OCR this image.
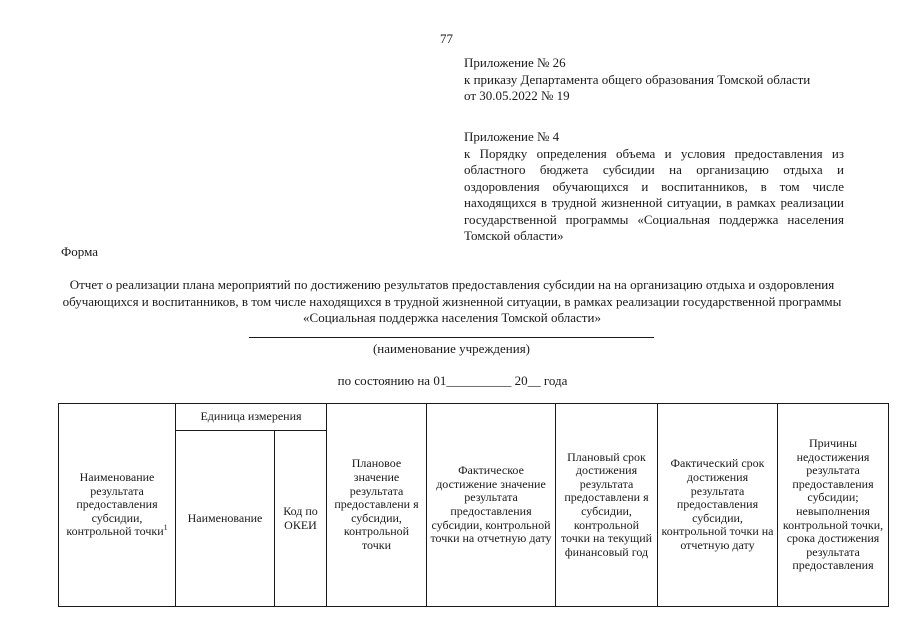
77

Приложение № 26

к приказу Департамента общего образования Томской области

от 30.05.2022 № 19

Приложение № 4

к Порядку определения объема и условия предоставления из областного бюджета субсидии на организацию отдыха и оздоровления обучающихся и воспитанников, в том числе находящихся в трудной жизненной ситуации, в рамках реализации государственной программы «Социальная поддержка населения Томской области»

Форма
Отчет о реализации плана мероприятий по достижению результатов предоставления субсидии на на организацию отдыха и оздоровления обучающихся и воспитанников, в том числе находящихся в трудной жизненной ситуации, в рамках реализации государственной программы «Социальная поддержка населения Томской области»
(наименование учреждения)
по состоянию на 01__________ 20__ года
Наименование результата предоставления субсидии, контрольной точки$^1$	Единица измерения		Плановое значение результата предоставлени я субсидии, контрольной точки	Фактическое достижение значение результата предоставления субсидии, контрольной точки на отчетную дату	Плановый срок достижения результата предоставлени я субсидии, контрольной точки на текущий финансовый год	Фактический срок достижения результата предоставления субсидии, контрольной точки на отчетную дату	Причины недостижения результата предоставления субсидии; невыполнения контрольной точки, срока достижения результата предоставления
	Наименование	Код по ОКЕИ					
